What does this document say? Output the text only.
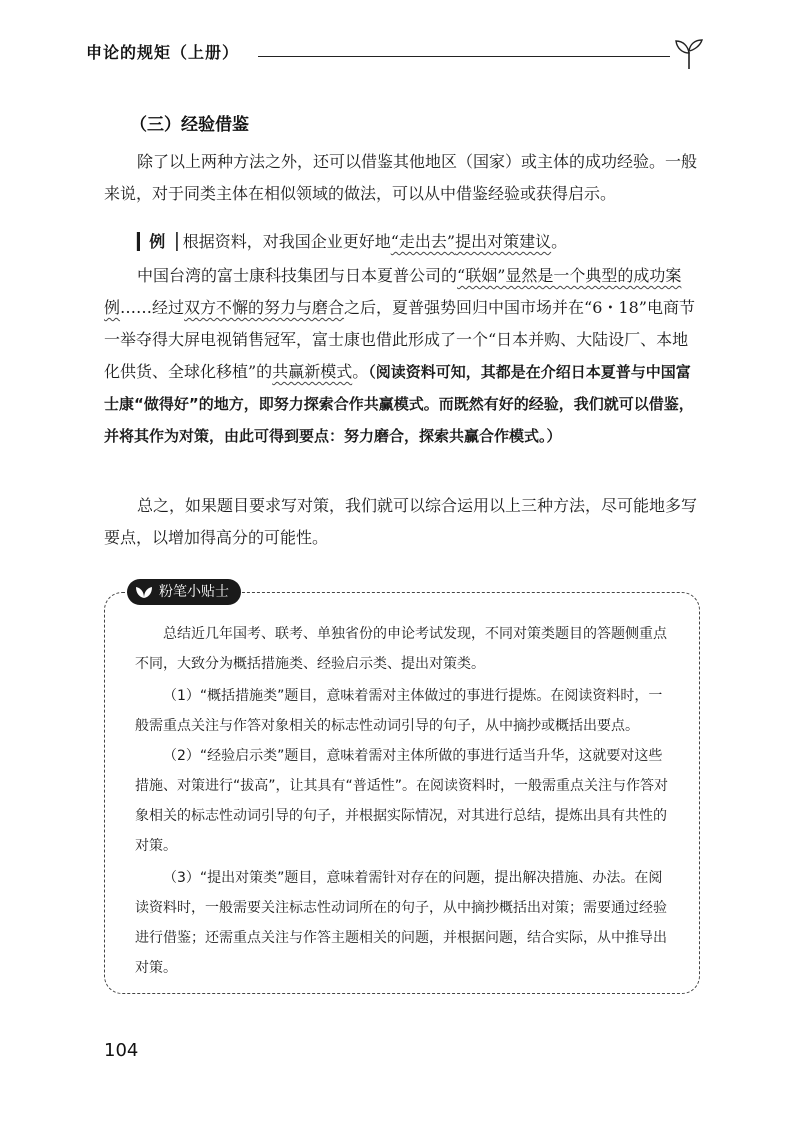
申论的规矩（上册）
（三）经验借鉴

除了以上两种方法之外，还可以借鉴其他地区（国家）或主体的成功经验。一般来说，对于同类主体在相似领域的做法，可以从中借鉴经验或获得启示。

▎例▕ 根据资料，对我国企业更好地“走出去”提出对策建议。

中国台湾的富士康科技集团与日本夏普公司的“联姻”显然是一个典型的成功案例……经过双方不懈的努力与磨合之后，夏普强势回归中国市场并在“6・18”电商节一举夺得大屏电视销售冠军，富士康也借此形成了一个“日本并购、大陆设厂、本地化供货、全球化移植”的共赢新模式。（阅读资料可知，其都是在介绍日本夏普与中国富士康“做得好”的地方，即努力探索合作共赢模式。而既然有好的经验，我们就可以借鉴，并将其作为对策，由此可得到要点：努力磨合，探索共赢合作模式。）

总之，如果题目要求写对策，我们就可以综合运用以上三种方法，尽可能地多写要点，以增加得高分的可能性。

粉笔小贴士

总结近几年国考、联考、单独省份的申论考试发现，不同对策类题目的答题侧重点不同，大致分为概括措施类、经验启示类、提出对策类。

（1）“概括措施类”题目，意味着需对主体做过的事进行提炼。在阅读资料时，一般需重点关注与作答对象相关的标志性动词引导的句子，从中摘抄或概括出要点。

（2）“经验启示类”题目，意味着需对主体所做的事进行适当升华，这就要对这些措施、对策进行“拔高”，让其具有“普适性”。在阅读资料时，一般需重点关注与作答对象相关的标志性动词引导的句子，并根据实际情况，对其进行总结，提炼出具有共性的对策。

（3）“提出对策类”题目，意味着需针对存在的问题，提出解决措施、办法。在阅读资料时，一般需要关注标志性动词所在的句子，从中摘抄概括出对策；需要通过经验进行借鉴；还需重点关注与作答主题相关的问题，并根据问题，结合实际，从中推导出对策。

104
